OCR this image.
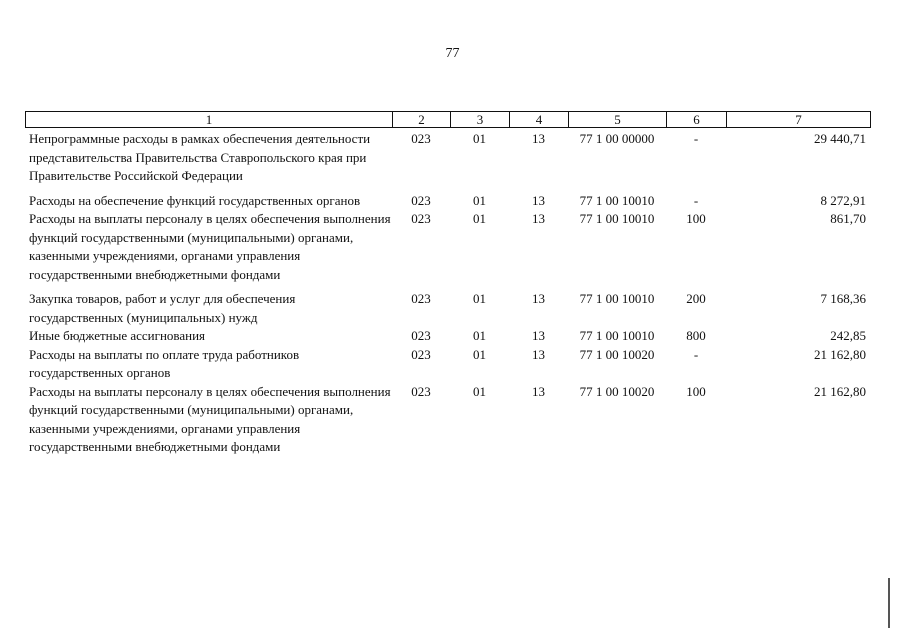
77
1	2	3	4	5	6	7
Непрограммные расходы в рамках обеспечения деятельности представительства Правительства Ставропольского края при Правительстве Российской Федерации	023	01	13	77 1 00 00000	-	29 440,71
Расходы на обеспечение функций государственных органов	023	01	13	77 1 00 10010	-	8 272,91
Расходы на выплаты персоналу в целях обеспечения выполнения функций государственными (муниципальными) органами, казенными учреждениями, органами управления государственными внебюджетными фондами	023	01	13	77 1 00 10010	100	861,70
Закупка товаров, работ и услуг для обеспечения государственных (муниципальных) нужд	023	01	13	77 1 00 10010	200	7 168,36
Иные бюджетные ассигнования	023	01	13	77 1 00 10010	800	242,85
Расходы на выплаты по оплате труда работников государственных органов	023	01	13	77 1 00 10020	-	21 162,80
Расходы на выплаты персоналу в целях обеспечения выполнения функций государственными (муниципальными) органами, казенными учреждениями, органами управления государственными внебюджетными фондами	023	01	13	77 1 00 10020	100	21 162,80
